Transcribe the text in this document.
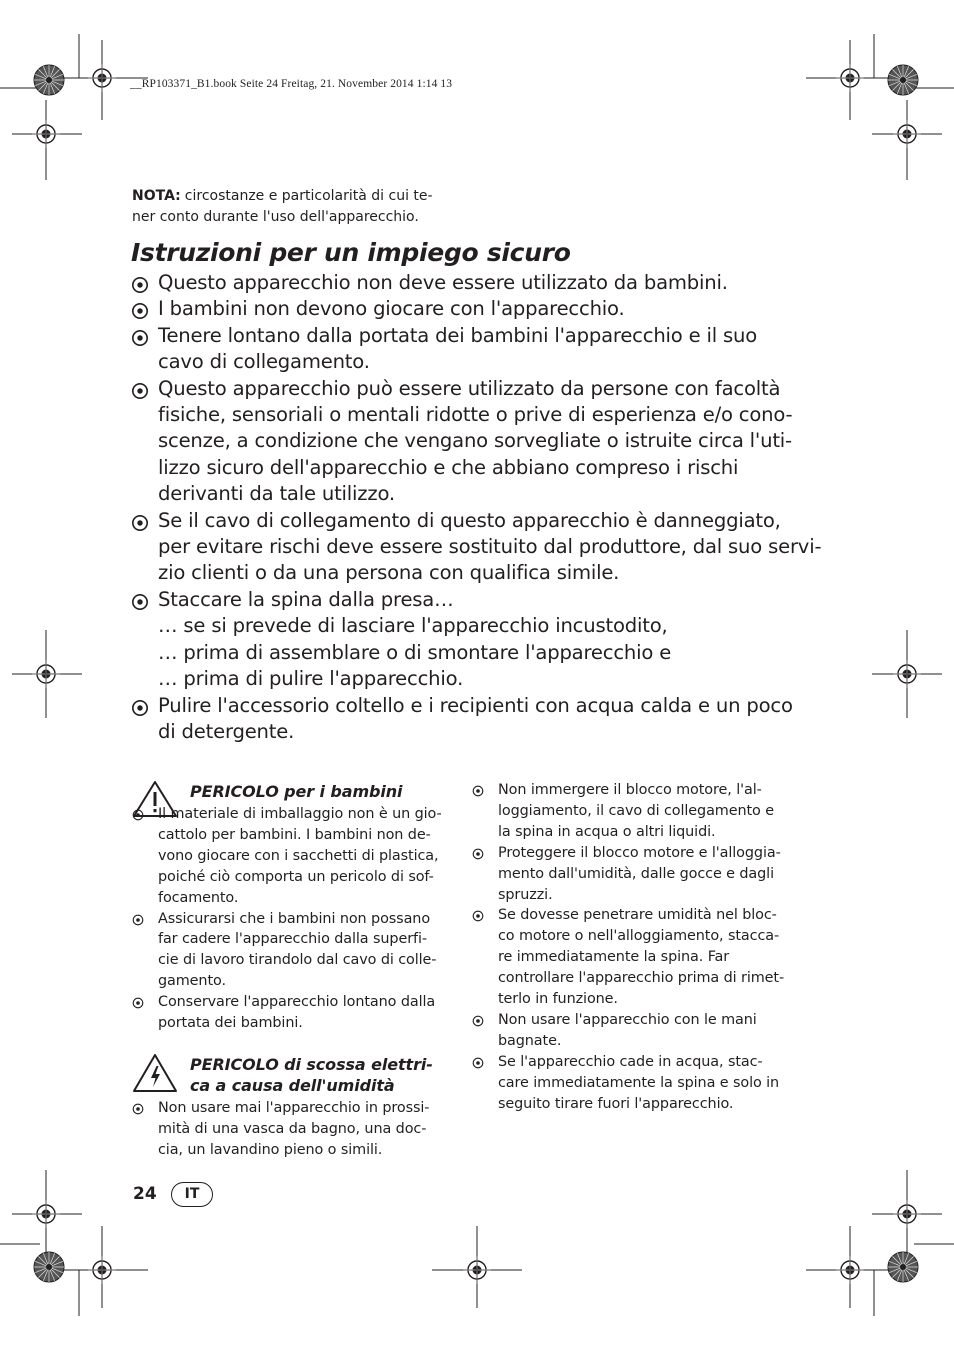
__RP103371_B1.book Seite 24 Freitag, 21. November 2014 1:14 13
NOTA: circostanze e particolarità di cui te-
ner conto durante l'uso dell'apparecchio.
Istruzioni per un impiego sicuro
Questo apparecchio non deve essere utilizzato da bambini.
I bambini non devono giocare con l'apparecchio.
Tenere lontano dalla portata dei bambini l'apparecchio e il suo
cavo di collegamento.
Questo apparecchio può essere utilizzato da persone con facoltà
fisiche, sensoriali o mentali ridotte o prive di esperienza e/o cono-
scenze, a condizione che vengano sorvegliate o istruite circa l'uti-
lizzo sicuro dell'apparecchio e che abbiano compreso i rischi
derivanti da tale utilizzo.
Se il cavo di collegamento di questo apparecchio è danneggiato,
per evitare rischi deve essere sostituito dal produttore, dal suo servi-
zio clienti o da una persona con qualifica simile.
Staccare la spina dalla presa…
… se si prevede di lasciare l'apparecchio incustodito,
… prima di assemblare o di smontare l'apparecchio e
… prima di pulire l'apparecchio.
Pulire l'accessorio coltello e i recipienti con acqua calda e un poco
di detergente.
PERICOLO per i bambini
Il materiale di imballaggio non è un gio-
cattolo per bambini. I bambini non de-
vono giocare con i sacchetti di plastica,
poiché ciò comporta un pericolo di sof-
focamento.
Assicurarsi che i bambini non possano
far cadere l'apparecchio dalla superfi-
cie di lavoro tirandolo dal cavo di colle-
gamento.
Conservare l'apparecchio lontano dalla
portata dei bambini.
PERICOLO di scossa elettri-
ca a causa dell'umidità
Non usare mai l'apparecchio in prossi-
mità di una vasca da bagno, una doc-
cia, un lavandino pieno o simili.
Non immergere il blocco motore, l'al-
loggiamento, il cavo di collegamento e
la spina in acqua o altri liquidi.
Proteggere il blocco motore e l'alloggia-
mento dall'umidità, dalle gocce e dagli
spruzzi.
Se dovesse penetrare umidità nel bloc-
co motore o nell'alloggiamento, stacca-
re immediatamente la spina. Far
controllare l'apparecchio prima di rimet-
terlo in funzione.
Non usare l'apparecchio con le mani
bagnate.
Se l'apparecchio cade in acqua, stac-
care immediatamente la spina e solo in
seguito tirare fuori l'apparecchio.
24	IT
